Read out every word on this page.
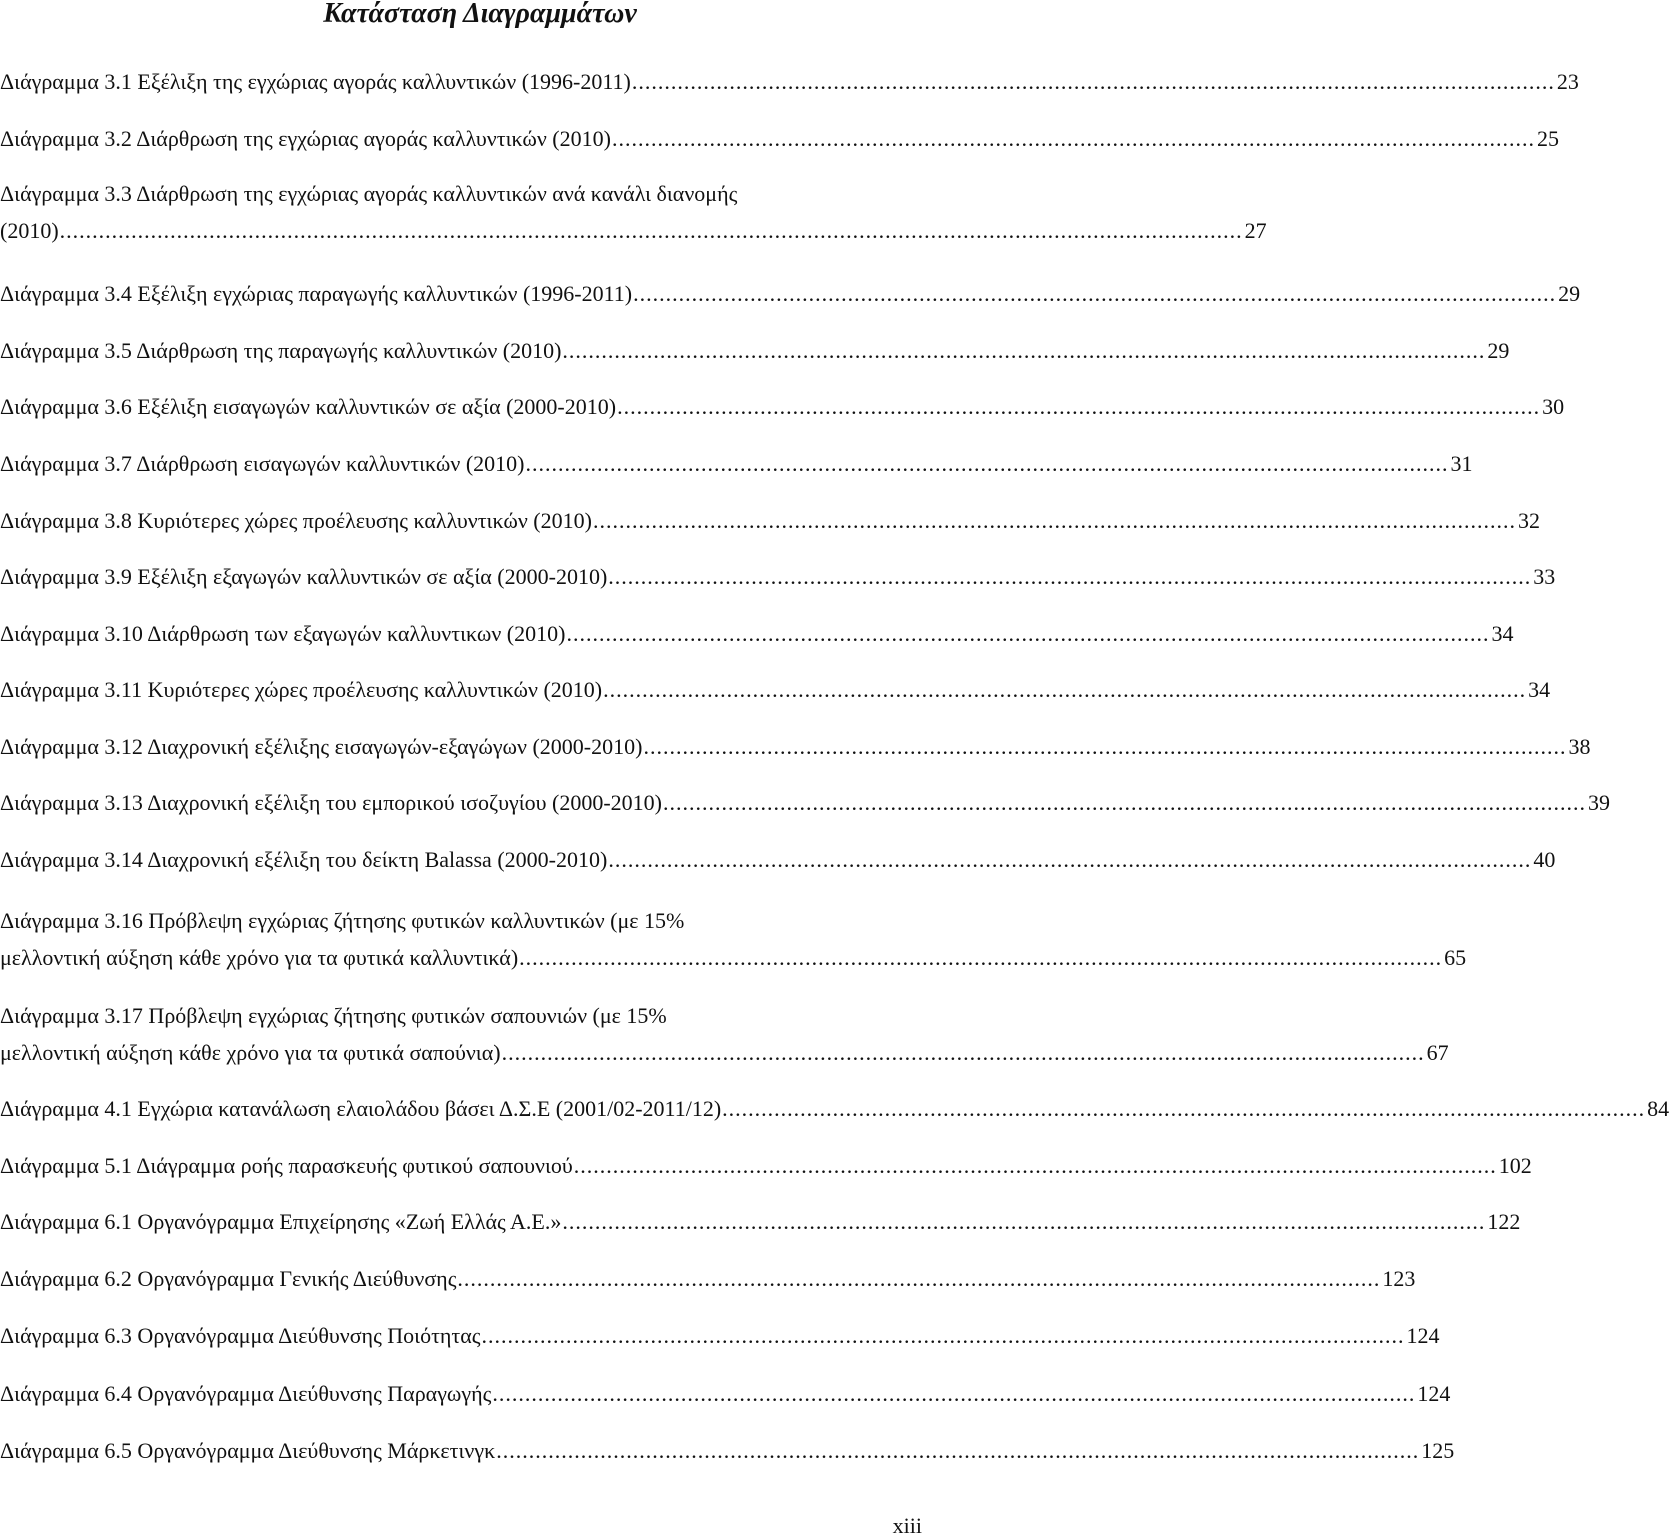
Κατάσταση Διαγραμμάτων
Διάγραμμα 3.1 Εξέλιξη της εγχώριας αγοράς καλλυντικών (1996-2011) .............................................................................................................................................. 23
Διάγραμμα 3.2 Διάρθρωση της εγχώριας αγοράς καλλυντικών (2010) .............................................................................................................................................. 25
Διάγραμμα 3.3 Διάρθρωση της εγχώριας αγοράς καλλυντικών ανά κανάλι διανομής
(2010) ...................................................................................................................................................................................... 27
Διάγραμμα 3.4 Εξέλιξη εγχώριας παραγωγής καλλυντικών (1996-2011) .............................................................................................................................................. 29
Διάγραμμα 3.5 Διάρθρωση της παραγωγής καλλυντικών (2010) .............................................................................................................................................. 29
Διάγραμμα 3.6 Εξέλιξη εισαγωγών καλλυντικών σε αξία (2000-2010) .............................................................................................................................................. 30
Διάγραμμα 3.7 Διάρθρωση εισαγωγών καλλυντικών (2010) .............................................................................................................................................. 31
Διάγραμμα 3.8 Κυριότερες χώρες προέλευσης καλλυντικών (2010) .............................................................................................................................................. 32
Διάγραμμα 3.9 Εξέλιξη εξαγωγών καλλυντικών σε αξία (2000-2010) .............................................................................................................................................. 33
Διάγραμμα 3.10 Διάρθρωση των εξαγωγών καλλυντικων (2010) .............................................................................................................................................. 34
Διάγραμμα 3.11 Κυριότερες χώρες προέλευσης καλλυντικών (2010) .............................................................................................................................................. 34
Διάγραμμα 3.12 Διαχρονική εξέλιξης εισαγωγών-εξαγώγων (2000-2010) .............................................................................................................................................. 38
Διάγραμμα 3.13 Διαχρονική εξέλιξη του εμπορικού ισοζυγίου (2000-2010) .............................................................................................................................................. 39
Διάγραμμα 3.14 Διαχρονική εξέλιξη του δείκτη Balassa (2000-2010) .............................................................................................................................................. 40
Διάγραμμα 3.16 Πρόβλεψη εγχώριας ζήτησης φυτικών καλλυντικών (με 15%
μελλοντική αύξηση κάθε χρόνο για τα φυτικά καλλυντικά) .............................................................................................................................................. 65
Διάγραμμα 3.17 Πρόβλεψη εγχώριας ζήτησης φυτικών σαπουνιών (με 15%
μελλοντική αύξηση κάθε χρόνο για τα φυτικά σαπούνια) .............................................................................................................................................. 67
Διάγραμμα 4.1 Εγχώρια κατανάλωση ελαιολάδου βάσει Δ.Σ.Ε (2001/02-2011/12) .............................................................................................................................................. 84
Διάγραμμα 5.1 Διάγραμμα ροής παρασκευής φυτικού σαπουνιού .............................................................................................................................................. 102
Διάγραμμα 6.1 Οργανόγραμμα Επιχείρησης «Ζωή Ελλάς Α.Ε.» .............................................................................................................................................. 122
Διάγραμμα 6.2 Οργανόγραμμα Γενικής Διεύθυνσης .............................................................................................................................................. 123
Διάγραμμα 6.3 Οργανόγραμμα Διεύθυνσης Ποιότητας .............................................................................................................................................. 124
Διάγραμμα 6.4 Οργανόγραμμα Διεύθυνσης Παραγωγής .............................................................................................................................................. 124
Διάγραμμα 6.5 Οργανόγραμμα Διεύθυνσης Μάρκετινγκ .............................................................................................................................................. 125
xiii
